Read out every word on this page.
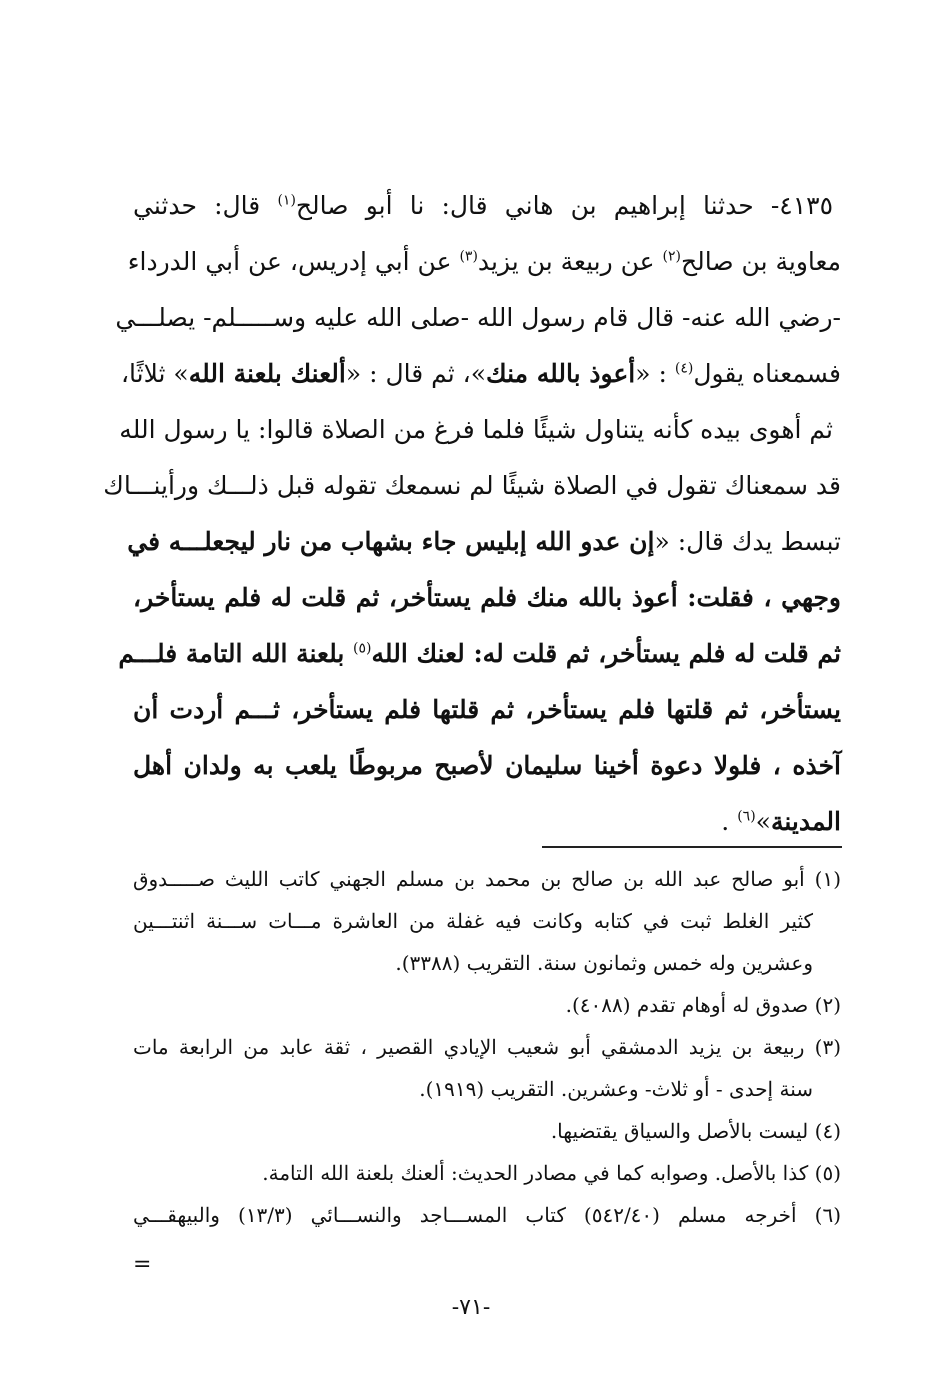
٤١٣٥- حدثنا إبراهيم بن هاني قال: نا أبو صالح$^{(١)}$ قال: حدثني
معاوية بن صالح$^{(٢)}$ عن ربيعة بن يزيد$^{(٣)}$ عن أبي إدريس، عن أبي الدرداء
-رضي الله عنه- قال قام رسول الله -صلى الله عليه وســـــلم- يصلـــي
فسمعناه يقول$^{(٤)}$ : «أعوذ بالله منك»، ثم قال : «ألعنك بلعنة الله» ثلاثًا،
ثم أهوى بيده كأنه يتناول شيئًا فلما فرغ من الصلاة قالوا: يا رسول الله
قد سمعناك تقول في الصلاة شيئًا لم نسمعك تقوله قبل ذلـــك ورأينـــاك
تبسط يدك قال: «إن عدو الله إبليس جاء بشهاب من نار ليجعلـــه في
وجهي ، فقلت: أعوذ بالله منك فلم يستأخر، ثم قلت له فلم يستأخر،
ثم قلت له فلم يستأخر، ثم قلت له: لعنك الله$^{(٥)}$ بلعنة الله التامة فلـــم
يستأخر، ثم قلتها فلم يستأخر، ثم قلتها فلم يستأخر، ثـــم أردت أن
آخذه ، فلولا دعوة أخينا سليمان لأصبح مربوطًا يلعب به ولدان أهل
المدينة»$^{(٦)}$ .
(١) أبو صالح عبد الله بن صالح بن محمد بن مسلم الجهني كاتب الليث صـــــدوق
كثير الغلط ثبت في كتابه وكانت فيه غفلة من العاشرة مـــات ســـنة اثنتـــين
وعشرين وله خمس وثمانون سنة. التقريب (٣٣٨٨).
(٢) صدوق له أوهام تقدم (٤٠٨٨).
(٣) ربيعة بن يزيد الدمشقي أبو شعيب الإيادي القصير ، ثقة عابد من الرابعة مات
سنة إحدى - أو ثلاث- وعشرين. التقريب (١٩١٩).
(٤) ليست بالأصل والسياق يقتضيها.
(٥) كذا بالأصل. وصوابه كما في مصادر الحديث: ألعنك بلعنة الله التامة.
(٦) أخرجه مسلم (٥٤٢/٤٠) كتاب المســـاجد والنســـائي (١٣/٣) والبيهقـــي
=
-٧١-
